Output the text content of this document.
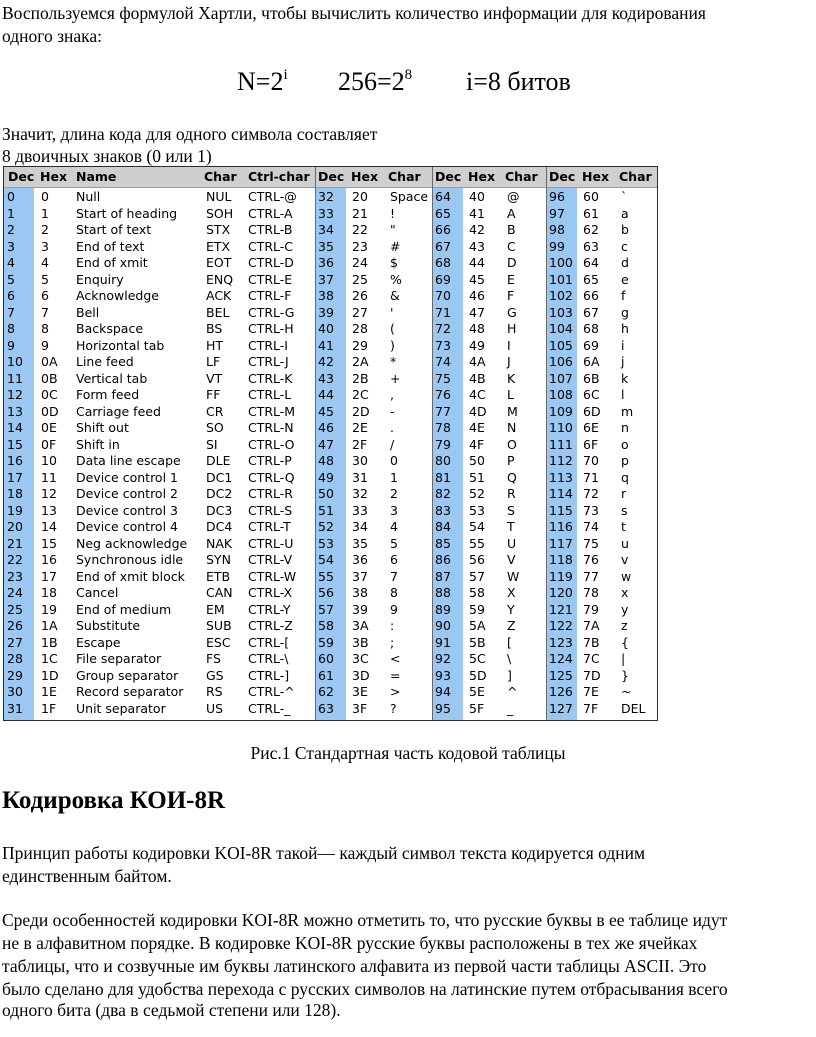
Воспользуемся формулой Хартли, чтобы вычислить количество информации для кодирования

одного знака:

$N=2^i$ $256=2^8$ i=8 битов

Значит, длина кода для одного символа составляет

8 двоичных знаков (0 или 1)

Dec Hex Name	Char Ctrl-char
0 0 Null	NUL CTRL-@
1 1 Start of heading SOH CTRL-A
2 2 Start of text	STX CTRL-B
3 3 End of text	ETX CTRL-C
4 4 End of xmit	EOT CTRL-D
5 5 Enquiry	ENQ CTRL-E
6 6 Acknowledge	ACK CTRL-F
7 7 Bell	BEL CTRL-G
8 8 Backspace	BS CTRL-H
9 9 Horizontal tab	HT CTRL-I
10 0A Line feed	LF CTRL-J
11 0B Vertical tab	VT CTRL-K
12 0C Form feed	FF CTRL-L
13 0D Carriage feed	CR CTRL-M
14 0E Shift out	SO CTRL-N
15 0F Shift in	SI CTRL-O
16 10 Data line escape DLE CTRL-P
17 11 Device control 1 DC1 CTRL-Q
18 12 Device control 2 DC2 CTRL-R
19 13 Device control 3 DC3 CTRL-S
20 14 Device control 4 DC4 CTRL-T
21 15 Neg acknowledge NAK CTRL-U
22 16 Synchronous idle SYN CTRL-V
23 17 End of xmit block ETB CTRL-W
24 18 Cancel	CAN CTRL-X
25 19 End of medium	EM CTRL-Y
26 1A Substitute	SUB CTRL-Z
27 1B Escape	ESC CTRL-[
28 1C File separator	FS CTRL-\
29 1D Group separator GS CTRL-]
30 1E Record separator RS CTRL-^
31 1F Unit separator	US CTRL-_
Dec Hex Char
32 20 Space
33 21 !
34 22 "
35 23 #
36 24 $
37 25 %
38 26 &
39 27 '
40 28 (
41 29 )
42 2A *
43 2B +
44 2C ,
45 2D -
46 2E .
47 2F /
48 30 0
49 31 1
50 32 2
51 33 3
52 34 4
53 35 5
54 36 6
55 37 7
56 38 8
57 39 9
58 3A :
59 3B ;
60 3C <
61 3D =
62 3E >
63 3F ?
Dec Hex Char
64 40 @
65 41 A
66 42 B
67 43 C
68 44 D
69 45 E
70 46 F
71 47 G
72 48 H
73 49 I
74 4A J
75 4B K
76 4C L
77 4D M
78 4E N
79 4F O
80 50 P
81 51 Q
82 52 R
83 53 S
84 54 T
85 55 U
86 56 V
87 57 W
88 58 X
89 59 Y
90 5A Z
91 5B [
92 5C \
93 5D ]
94 5E ^
95 5F _
Dec Hex Char
96 60 `
97 61 a
98 62 b
99 63 c
100 64 d
101 65 e
102 66 f
103 67 g
104 68 h
105 69 i
106 6A j
107 6B k
108 6C l
109 6D m
110 6E n
111 6F o
112 70 p
113 71 q
114 72 r
115 73 s
116 74 t
117 75 u
118 76 v
119 77 w
120 78 x
121 79 y
122 7A z
123 7B {
124 7C |
125 7D }
126 7E ~
127 7F DEL
Рис.1 Стандартная часть кодовой таблицы
Кодировка КОИ-8R

Принцип работы кодировки KOI-8R такой— каждый символ текста кодируется одним

единственным байтом.

Среди особенностей кодировки KOI-8R можно отметить то, что русские буквы в ее таблице идут

не в алфавитном порядке. В кодировке KOI-8R русские буквы расположены в тех же ячейках

таблицы, что и созвучные им буквы латинского алфавита из первой части таблицы ASCII. Это

было сделано для удобства перехода с русских символов на латинские путем отбрасывания всего

одного бита (два в седьмой степени или 128).
